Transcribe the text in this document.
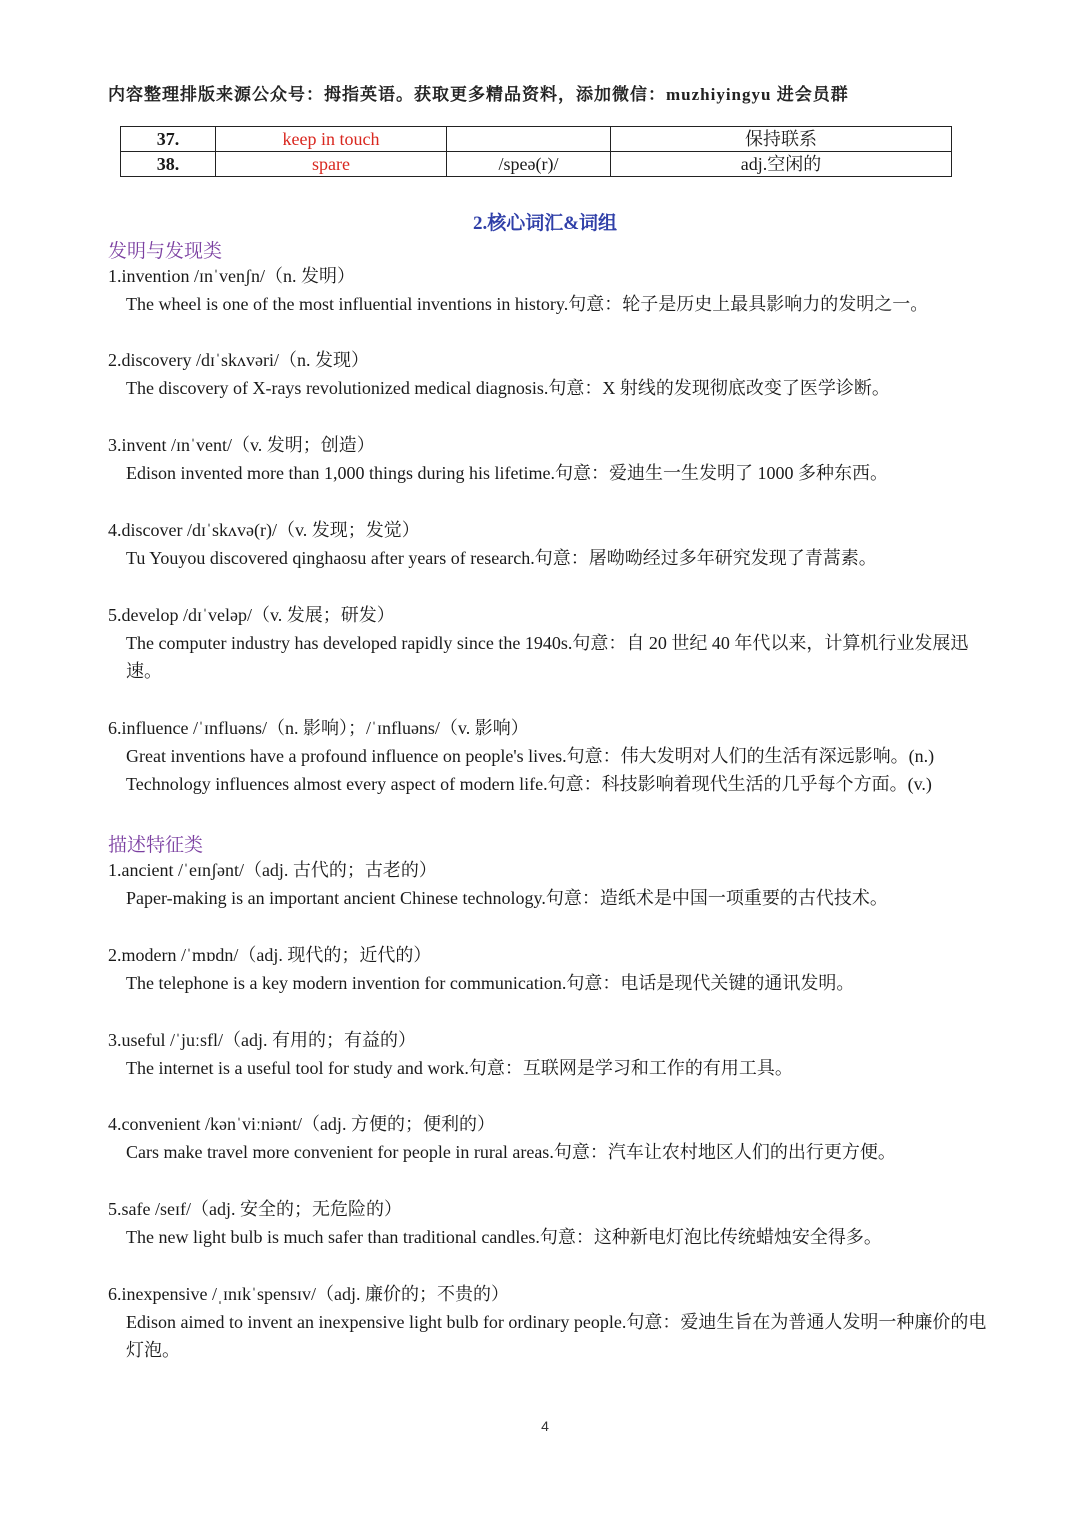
内容整理排版来源公众号：拇指英语。获取更多精品资料，添加微信：muzhiyingyu 进会员群
37.	keep in touch		保持联系
38.	spare	/speə(r)/	adj.空闲的
2.核心词汇&词组
发明与发现类
1.invention /ɪnˈvenʃn/（n. 发明）
The wheel is one of the most influential inventions in history.句意：轮子是历史上最具影响力的发明之一。
2.discovery /dɪˈskʌvəri/（n. 发现）
The discovery of X-rays revolutionized medical diagnosis.句意：X 射线的发现彻底改变了医学诊断。
3.invent /ɪnˈvent/（v. 发明；创造）
Edison invented more than 1,000 things during his lifetime.句意：爱迪生一生发明了 1000 多种东西。
4.discover /dɪˈskʌvə(r)/（v. 发现；发觉）
Tu Youyou discovered qinghaosu after years of research.句意：屠呦呦经过多年研究发现了青蒿素。
5.develop /dɪˈveləp/（v. 发展；研发）
The computer industry has developed rapidly since the 1940s.句意：自 20 世纪 40 年代以来，计算机行业发展迅速。
6.influence /ˈɪnfluəns/（n. 影响）；/ˈɪnfluəns/（v. 影响）
Great inventions have a profound influence on people's lives.句意：伟大发明对人们的生活有深远影响。(n.)
Technology influences almost every aspect of modern life.句意：科技影响着现代生活的几乎每个方面。(v.)
描述特征类
1.ancient /ˈeɪnʃənt/（adj. 古代的；古老的）
Paper-making is an important ancient Chinese technology.句意：造纸术是中国一项重要的古代技术。
2.modern /ˈmɒdn/（adj. 现代的；近代的）
The telephone is a key modern invention for communication.句意：电话是现代关键的通讯发明。
3.useful /ˈjuːsfl/（adj. 有用的；有益的）
The internet is a useful tool for study and work.句意：互联网是学习和工作的有用工具。
4.convenient /kənˈviːniənt/（adj. 方便的；便利的）
Cars make travel more convenient for people in rural areas.句意：汽车让农村地区人们的出行更方便。
5.safe /seɪf/（adj. 安全的；无危险的）
The new light bulb is much safer than traditional candles.句意：这种新电灯泡比传统蜡烛安全得多。
6.inexpensive /ˌɪnɪkˈspensɪv/（adj. 廉价的；不贵的）
Edison aimed to invent an inexpensive light bulb for ordinary people.句意：爱迪生旨在为普通人发明一种廉价的电灯泡。
4
